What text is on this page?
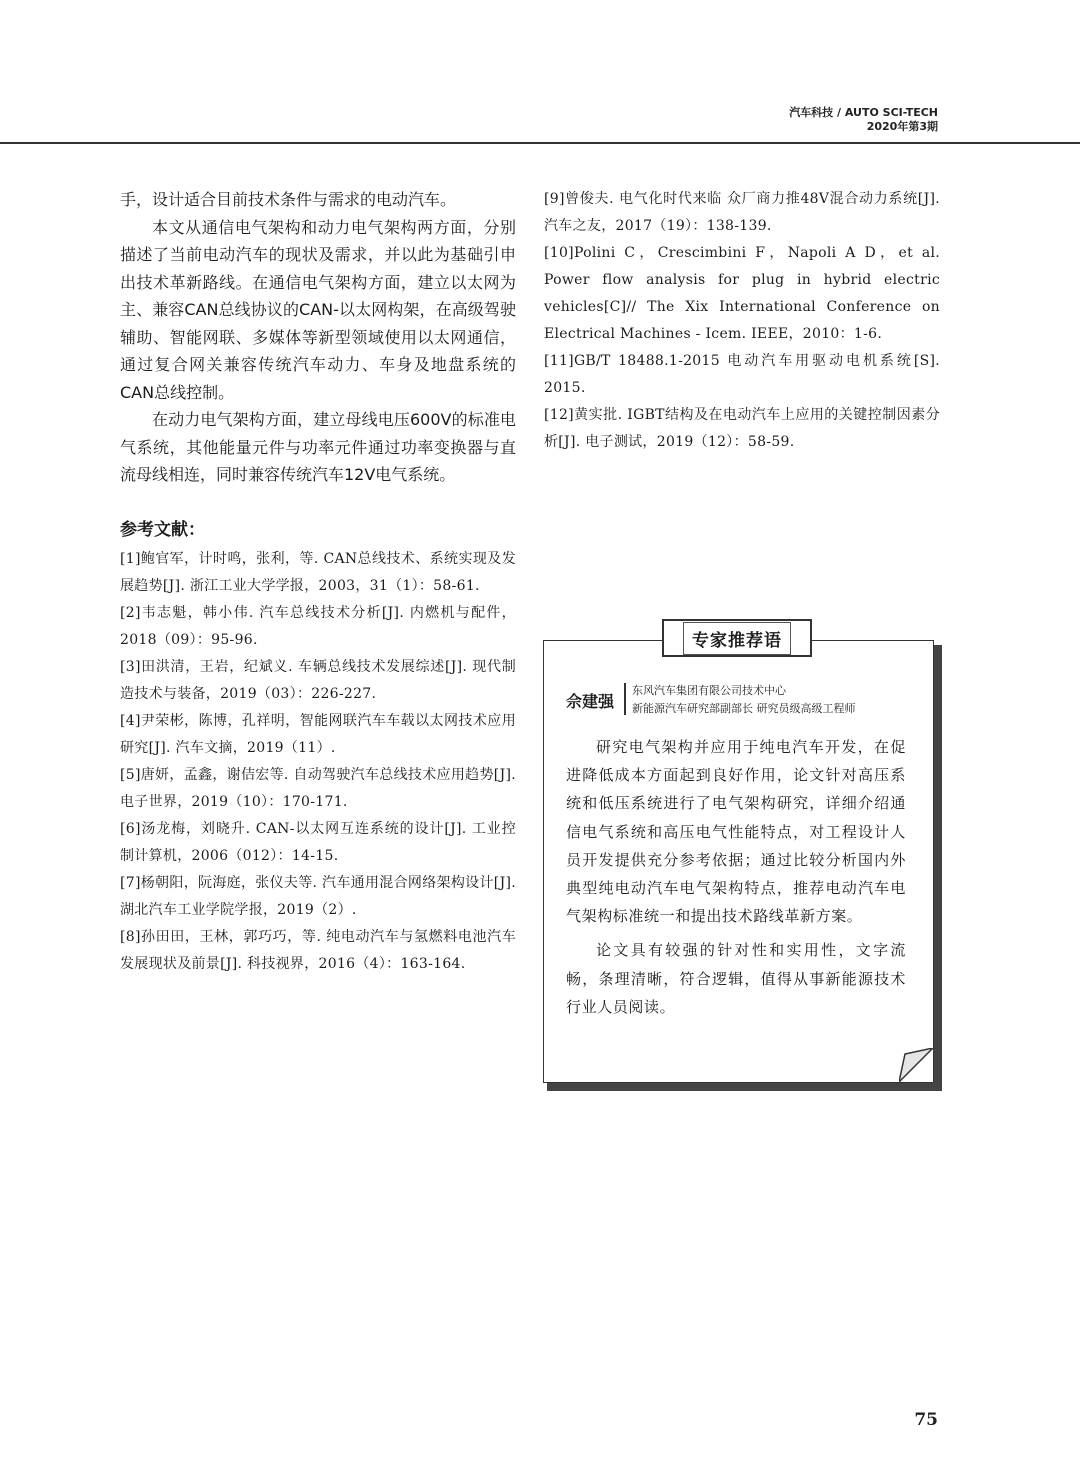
汽车科技 / AUTO SCI-TECH
2020年第3期

手，设计适合目前技术条件与需求的电动汽车。

本文从通信电气架构和动力电气架构两方面，分别描述了当前电动汽车的现状及需求，并以此为基础引申出技术革新路线。在通信电气架构方面，建立以太网为主、兼容CAN总线协议的CAN-以太网构架，在高级驾驶辅助、智能网联、多媒体等新型领域使用以太网通信，通过复合网关兼容传统汽车动力、车身及地盘系统的CAN总线控制。

在动力电气架构方面，建立母线电压600V的标准电气系统，其他能量元件与功率元件通过功率变换器与直流母线相连，同时兼容传统汽车12V电气系统。

参考文献：

[1]鲍官军，计时鸣，张利，等. CAN总线技术、系统实现及发展趋势[J]. 浙江工业大学学报，2003，31（1）：58-61.

[2]韦志魁，韩小伟. 汽车总线技术分析[J]. 内燃机与配件，2018（09）：95-96.

[3]田洪清，王岩，纪斌义. 车辆总线技术发展综述[J]. 现代制造技术与装备，2019（03）：226-227.

[4]尹荣彬，陈博，孔祥明，智能网联汽车车载以太网技术应用研究[J]. 汽车文摘，2019（11）.

[5]唐妍，孟鑫，谢佶宏等. 自动驾驶汽车总线技术应用趋势[J]. 电子世界，2019（10）：170-171.

[6]汤龙梅，刘晓升. CAN-以太网互连系统的设计[J]. 工业控制计算机，2006（012）：14-15.

[7]杨朝阳，阮海庭，张仪夫等. 汽车通用混合网络架构设计[J]. 湖北汽车工业学院学报，2019（2）.

[8]孙田田，王林，郭巧巧，等. 纯电动汽车与氢燃料电池汽车发展现状及前景[J]. 科技视界，2016（4）：163-164.

[9]曾俊夫. 电气化时代来临 众厂商力推48V混合动力系统[J]. 汽车之友，2017（19）：138-139.

[10]Polini C，Crescimbini F，Napoli A D，et al. Power flow analysis for plug in hybrid electric vehicles[C]// The Xix International Conference on Electrical Machines - Icem. IEEE，2010：1-6.

[11]GB/T 18488.1-2015 电动汽车用驱动电机系统[S]. 2015.

[12]黄实批. IGBT结构及在电动汽车上应用的关键控制因素分析[J]. 电子测试，2019（12）：58-59.

专家推荐语
佘建强
东风汽车集团有限公司技术中心
新能源汽车研究部副部长 研究员级高级工程师

研究电气架构并应用于纯电汽车开发，在促进降低成本方面起到良好作用，论文针对高压系统和低压系统进行了电气架构研究，详细介绍通信电气系统和高压电气性能特点，对工程设计人员开发提供充分参考依据；通过比较分析国内外典型纯电动汽车电气架构特点，推荐电动汽车电气架构标准统一和提出技术路线革新方案。

论文具有较强的针对性和实用性，文字流畅，条理清晰，符合逻辑，值得从事新能源技术行业人员阅读。

75
